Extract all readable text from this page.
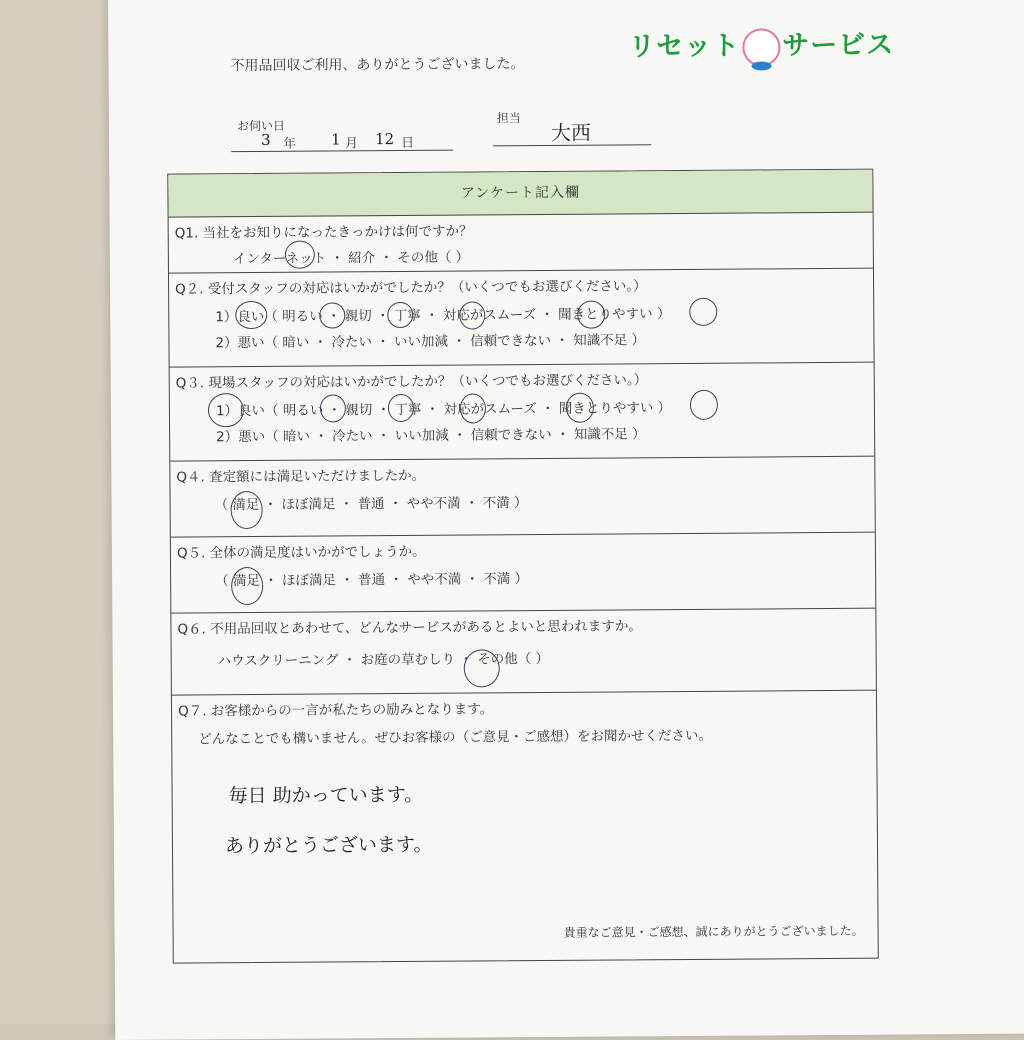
リセット サービス
不用品回収ご利用、ありがとうございました。
お伺い日
3 年 1 月 12 日
担当
大西
アンケート記入欄
Q1. 当社をお知りになったきっかけは何ですか？
インターネット ・ 紹介 ・ その他（ ）
Q２. 受付スタッフの対応はいかがでしたか？（いくつでもお選びください。）
1）良い（ 明るい ・ 親切 ・ 丁寧 ・ 対応がスムーズ ・ 聞きとりやすい ）
2）悪い（ 暗い ・ 冷たい ・ いい加減 ・ 信頼できない ・ 知識不足 ）
Q３. 現場スタッフの対応はいかがでしたか？（いくつでもお選びください。）
1）良い（ 明るい ・ 親切 ・ 丁寧 ・ 対応がスムーズ ・ 聞きとりやすい ）
2）悪い（ 暗い ・ 冷たい ・ いい加減 ・ 信頼できない ・ 知識不足 ）
Q４. 査定額には満足いただけましたか。
（ 満足 ・ ほぼ満足 ・ 普通 ・ やや不満 ・ 不満 ）
Q５. 全体の満足度はいかがでしょうか。
（ 満足 ・ ほぼ満足 ・ 普通 ・ やや不満 ・ 不満 ）
Q６. 不用品回収とあわせて、どんなサービスがあるとよいと思われますか。
ハウスクリーニング ・ お庭の草むしり ・ その他（ ）
Q７. お客様からの一言が私たちの励みとなります。
どんなことでも構いません。ぜひお客様の（ご意見・ご感想）をお聞かせください。
毎日 助かっています。
ありがとうございます。
貴重なご意見・ご感想、誠にありがとうございました。
